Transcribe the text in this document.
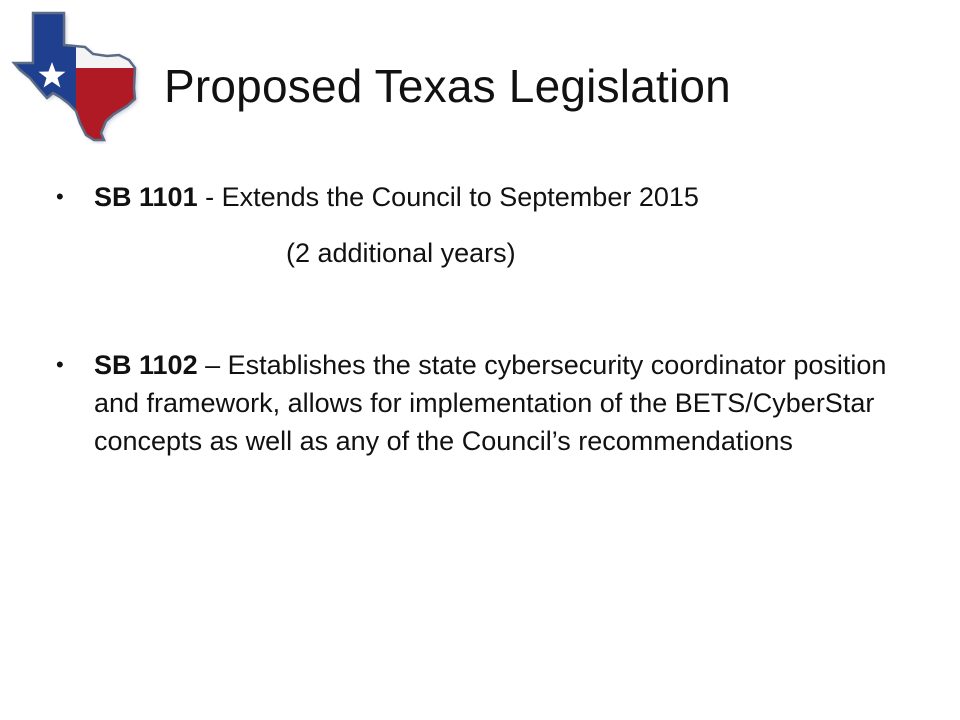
Proposed Texas Legislation
•	SB 1101 - Extends the Council to September 2015
(2 additional years)
•	SB 1102 – Establishes the state cybersecurity coordinator position and framework, allows for implementation of the BETS/CyberStar concepts as well as any of the Council’s recommendations
